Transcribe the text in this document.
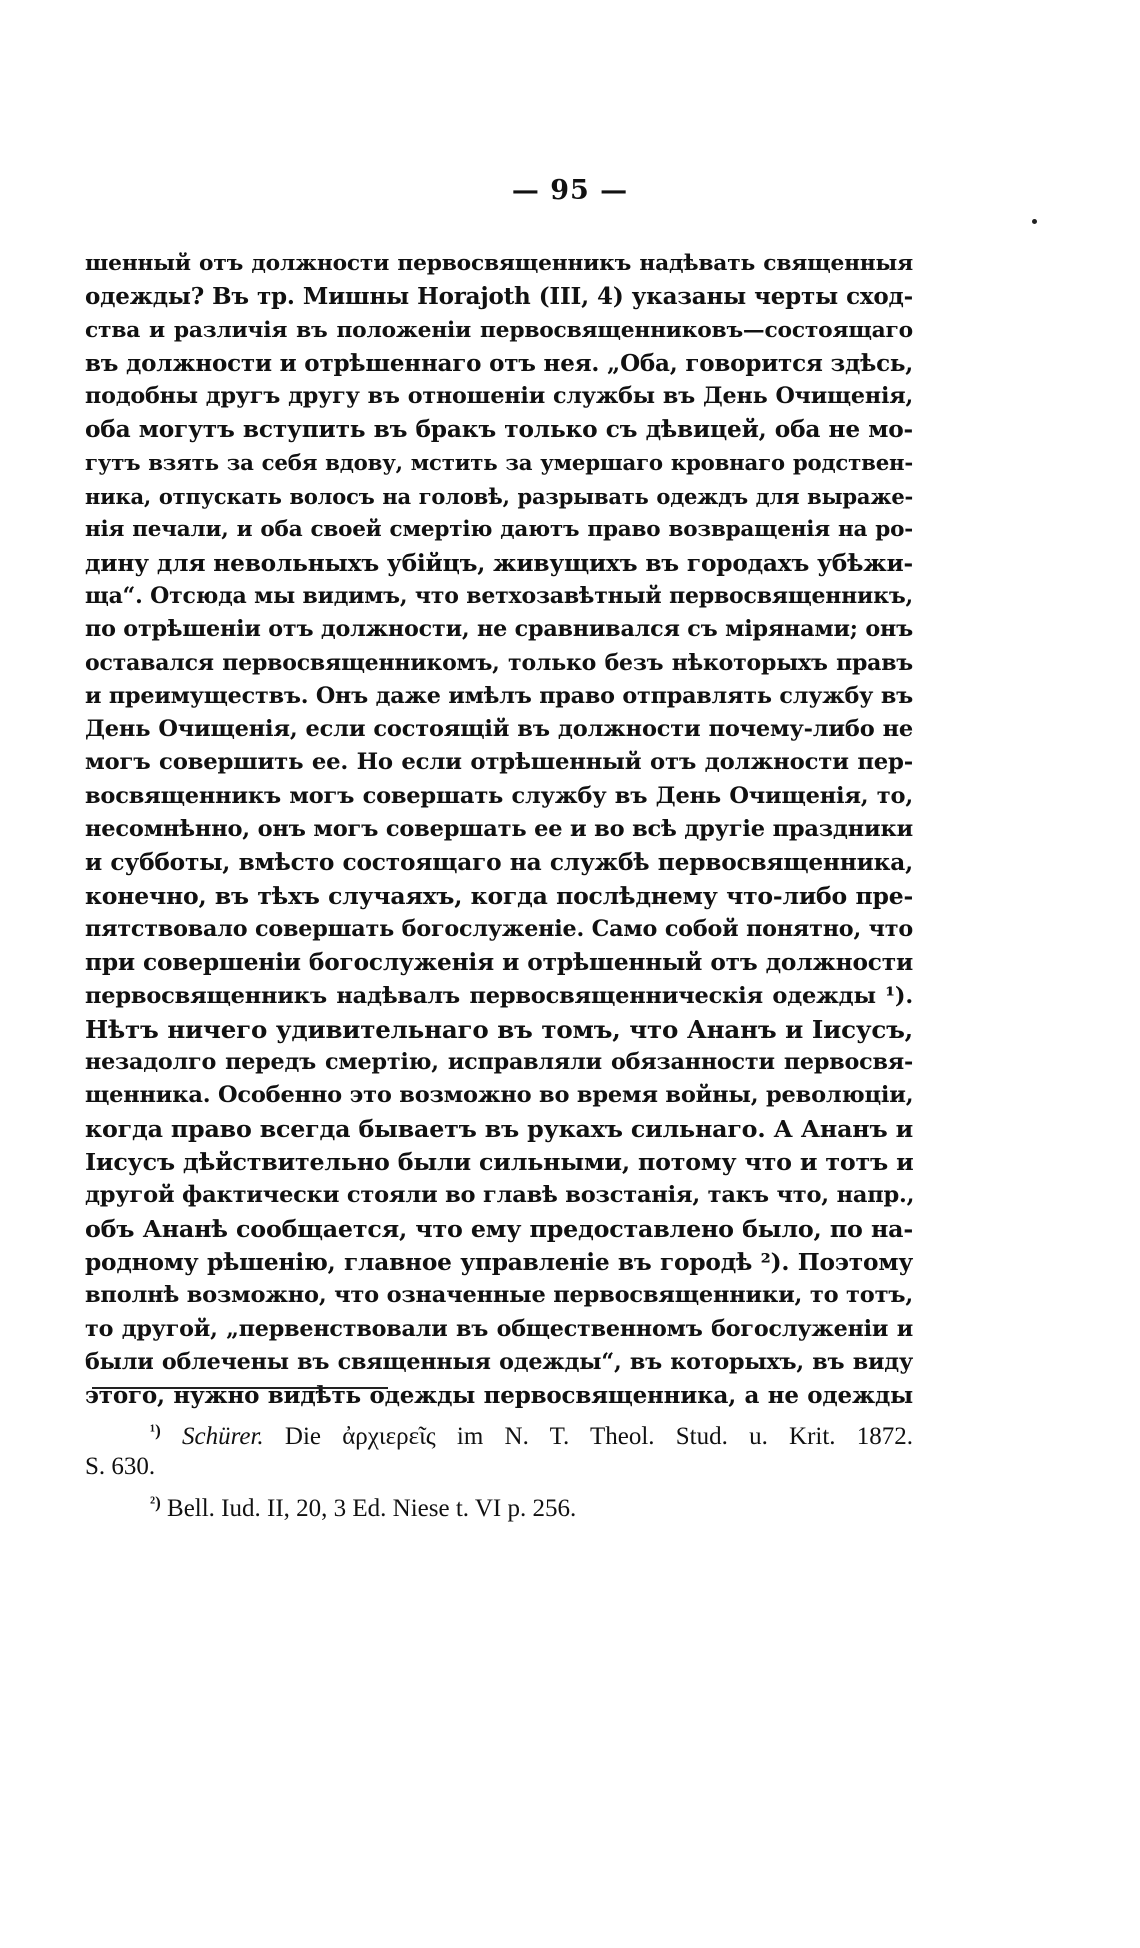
— 95 —
шенный отъ должности первосвященникъ надѣвать священныя
одежды? Въ тр. Мишны Horajoth (III, 4) указаны черты сход-
ства и различія въ положеніи первосвященниковъ—состоящаго
въ должности и отрѣшеннаго отъ нея. „Оба, говорится здѣсь,
подобны другъ другу въ отношеніи службы въ День Очищенія,
оба могутъ вступить въ бракъ только съ дѣвицей, оба не мо-
гутъ взять за себя вдову, мстить за умершаго кровнаго родствен-
ника, отпускать волосъ на головѣ, разрывать одеждъ для выраже-
нія печали, и оба своей смертію даютъ право возвращенія на ро-
дину для невольныхъ убійцъ, живущихъ въ городахъ убѣжи-
ща“. Отсюда мы видимъ, что ветхозавѣтный первосвященникъ,
по отрѣшеніи отъ должности, не сравнивался съ мірянами; онъ
оставался первосвященникомъ, только безъ нѣкоторыхъ правъ
и преимуществъ. Онъ даже имѣлъ право отправлять службу въ
День Очищенія, если состоящій въ должности почему-либо не
могъ совершить ее. Но если отрѣшенный отъ должности пер-
восвященникъ могъ совершать службу въ День Очищенія, то,
несомнѣнно, онъ могъ совершать ее и во всѣ другіе праздники
и субботы, вмѣсто состоящаго на службѣ первосвященника,
конечно, въ тѣхъ случаяхъ, когда послѣднему что-либо пре-
пятствовало совершать богослуженіе. Само собой понятно, что
при совершеніи богослуженія и отрѣшенный отъ должности
первосвященникъ надѣвалъ первосвященническія одежды ¹).
Нѣтъ ничего удивительнаго въ томъ, что Ананъ и Іисусъ,
незадолго передъ смертію, исправляли обязанности первосвя-
щенника. Особенно это возможно во время войны, революціи,
когда право всегда бываетъ въ рукахъ сильнаго. А Ананъ и
Іисусъ дѣйствительно были сильными, потому что и тотъ и
другой фактически стояли во главѣ возстанія, такъ что, напр.,
объ Ананѣ сообщается, что ему предоставлено было, по на-
родному рѣшенію, главное управленіе въ городѣ ²). Поэтому
вполнѣ возможно, что означенные первосвященники, то тотъ,
то другой, „первенствовали въ общественномъ богослуженіи и
были облечены въ священныя одежды“, въ которыхъ, въ виду
этого, нужно видѣть одежды первосвященника, а не одежды
$^{^1)}$ Schürer. Die ἀρχιερεῖς im N. T. Theol. Stud. u. Krit. 1872.
S. 630.
$^{^2)}$ Bell. Iud. II, 20, 3 Ed. Niese t. VI p. 256.
